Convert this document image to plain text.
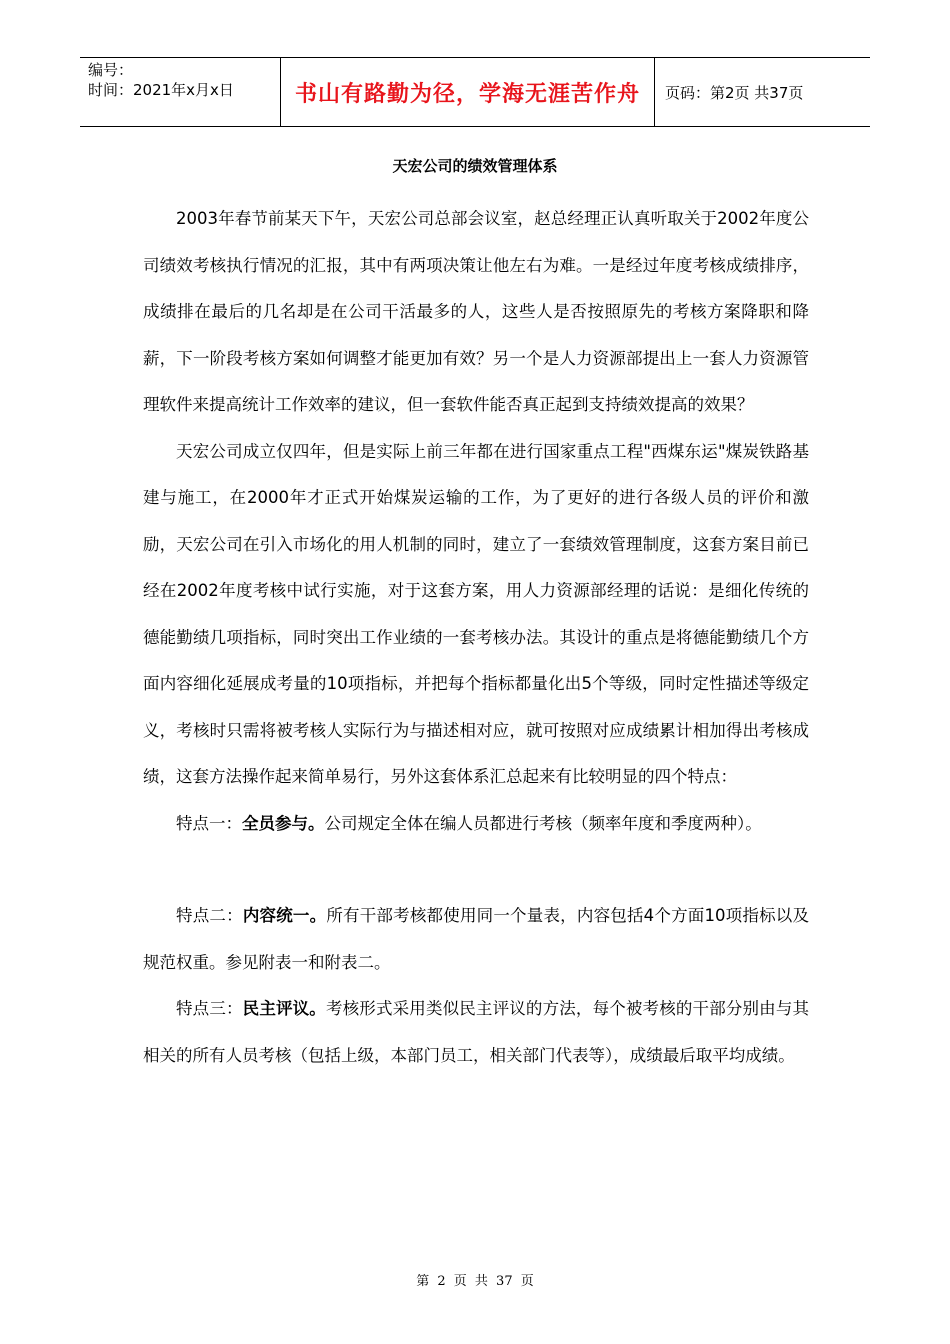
编号：
时间：2021年x月x日	书山有路勤为径，学海无涯苦作舟	页码：第2页 共37页
天宏公司的绩效管理体系

2003年春节前某天下午，天宏公司总部会议室，赵总经理正认真听取关于2002年度公司绩效考核执行情况的汇报，其中有两项决策让他左右为难。一是经过年度考核成绩排序，成绩排在最后的几名却是在公司干活最多的人，这些人是否按照原先的考核方案降职和降薪，下一阶段考核方案如何调整才能更加有效？另一个是人力资源部提出上一套人力资源管理软件来提高统计工作效率的建议，但一套软件能否真正起到支持绩效提高的效果？

天宏公司成立仅四年，但是实际上前三年都在进行国家重点工程"西煤东运"煤炭铁路基建与施工，在2000年才正式开始煤炭运输的工作，为了更好的进行各级人员的评价和激励，天宏公司在引入市场化的用人机制的同时，建立了一套绩效管理制度，这套方案目前已经在2002年度考核中试行实施，对于这套方案，用人力资源部经理的话说：是细化传统的德能勤绩几项指标，同时突出工作业绩的一套考核办法。其设计的重点是将德能勤绩几个方面内容细化延展成考量的10项指标，并把每个指标都量化出5个等级，同时定性描述等级定义，考核时只需将被考核人实际行为与描述相对应，就可按照对应成绩累计相加得出考核成绩，这套方法操作起来简单易行，另外这套体系汇总起来有比较明显的四个特点：

特点一：全员参与。公司规定全体在编人员都进行考核（频率年度和季度两种）。

特点二：内容统一。所有干部考核都使用同一个量表，内容包括4个方面10项指标以及规范权重。参见附表一和附表二。

特点三：民主评议。考核形式采用类似民主评议的方法，每个被考核的干部分别由与其相关的所有人员考核（包括上级，本部门员工，相关部门代表等），成绩最后取平均成绩。

第 2 页 共 37 页
